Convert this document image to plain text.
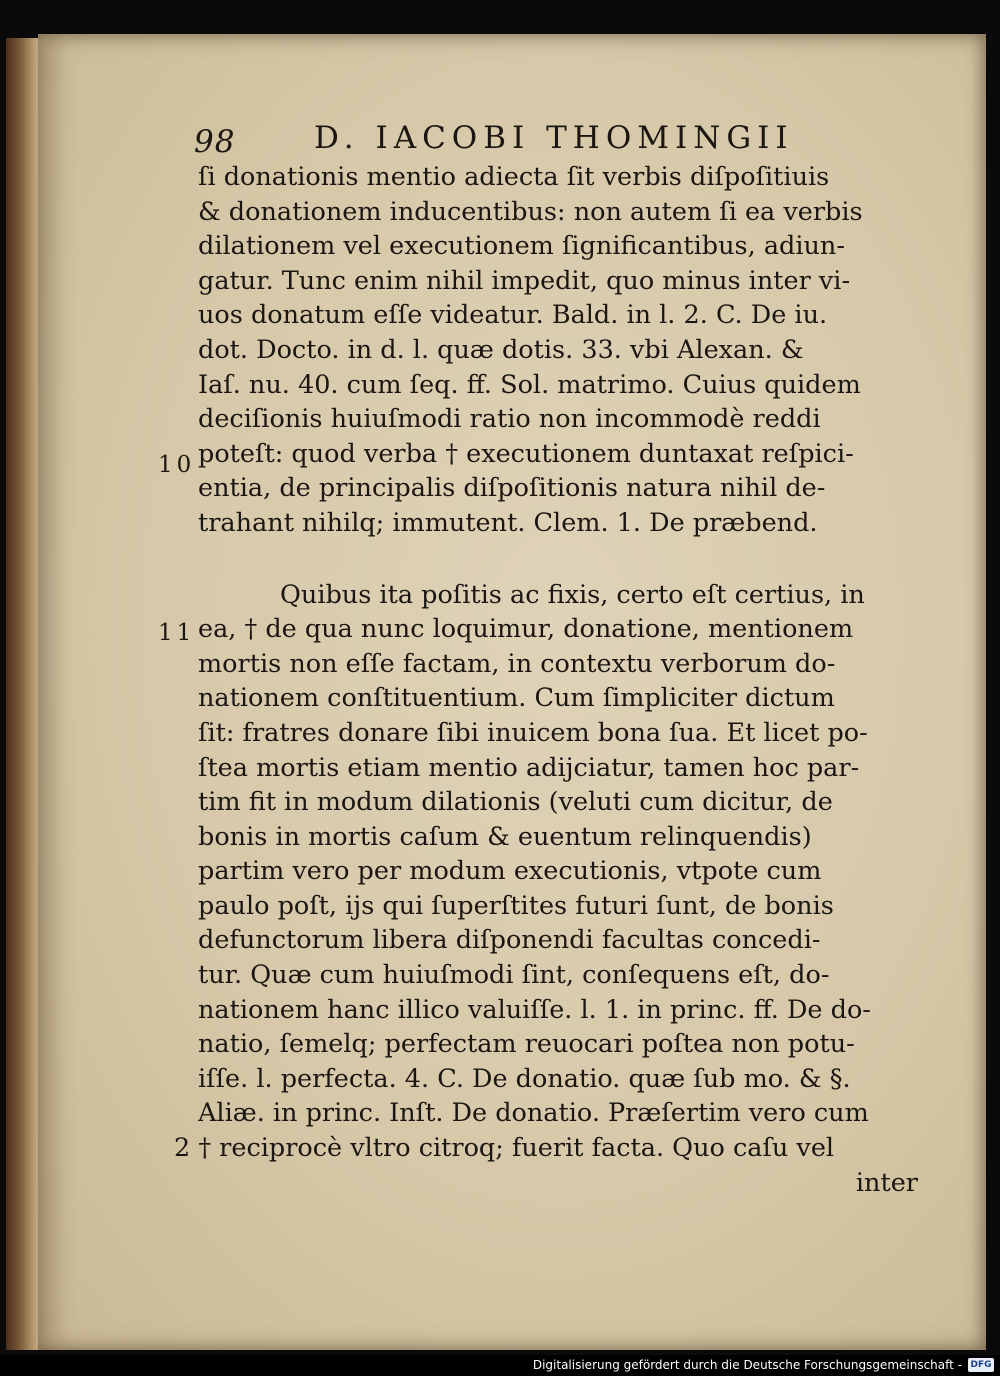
98	D. IACOBI THOMINGII
10
11
ſi donationis mentio adiecta ſit verbis diſpoſitiuis
& donationem inducentibus: non autem ſi ea verbis
dilationem vel executionem ſignificantibus, adiun-
gatur. Tunc enim nihil impedit, quo minus inter vi-
uos donatum eſſe videatur. Bald. in l. 2. C. De iu.
dot. Docto. in d. l. quæ dotis. 33. vbi Alexan. &
Iaſ. nu. 40. cum ſeq. ff. Sol. matrimo. Cuius quidem
deciſionis huiuſmodi ratio non incommodè reddi
poteſt: quod verba † executionem duntaxat reſpici-
entia, de principalis diſpoſitionis natura nihil de-
trahant nihilq; immutent. Clem. 1. De præbend.
Quibus ita poſitis ac fixis, certo eſt certius, in
ea, † de qua nunc loquimur, donatione, mentionem
mortis non eſſe factam, in contextu verborum do-
nationem conſtituentium. Cum ſimpliciter dictum
ſit: fratres donare ſibi inuicem bona ſua. Et licet po-
ſtea mortis etiam mentio adijciatur, tamen hoc par-
tim fit in modum dilationis (veluti cum dicitur, de
bonis in mortis caſum & euentum relinquendis)
partim vero per modum executionis, vtpote cum
paulo poſt, ijs qui ſuperſtites futuri ſunt, de bonis
defunctorum libera diſponendi facultas concedi-
tur. Quæ cum huiuſmodi ſint, conſequens eſt, do-
nationem hanc illico valuiſſe. l. 1. in princ. ff. De do-
natio, ſemelq; perfectam reuocari poſtea non potu-
iſſe. l. perfecta. 4. C. De donatio. quæ ſub mo. & §.
Aliæ. in princ. Inſt. De donatio. Præſertim vero cum
2 † reciprocè vltro citroq; fuerit facta. Quo caſu vel
inter
Digitalisierung gefördert durch die Deutsche Forschungsgemeinschaft - DFG
